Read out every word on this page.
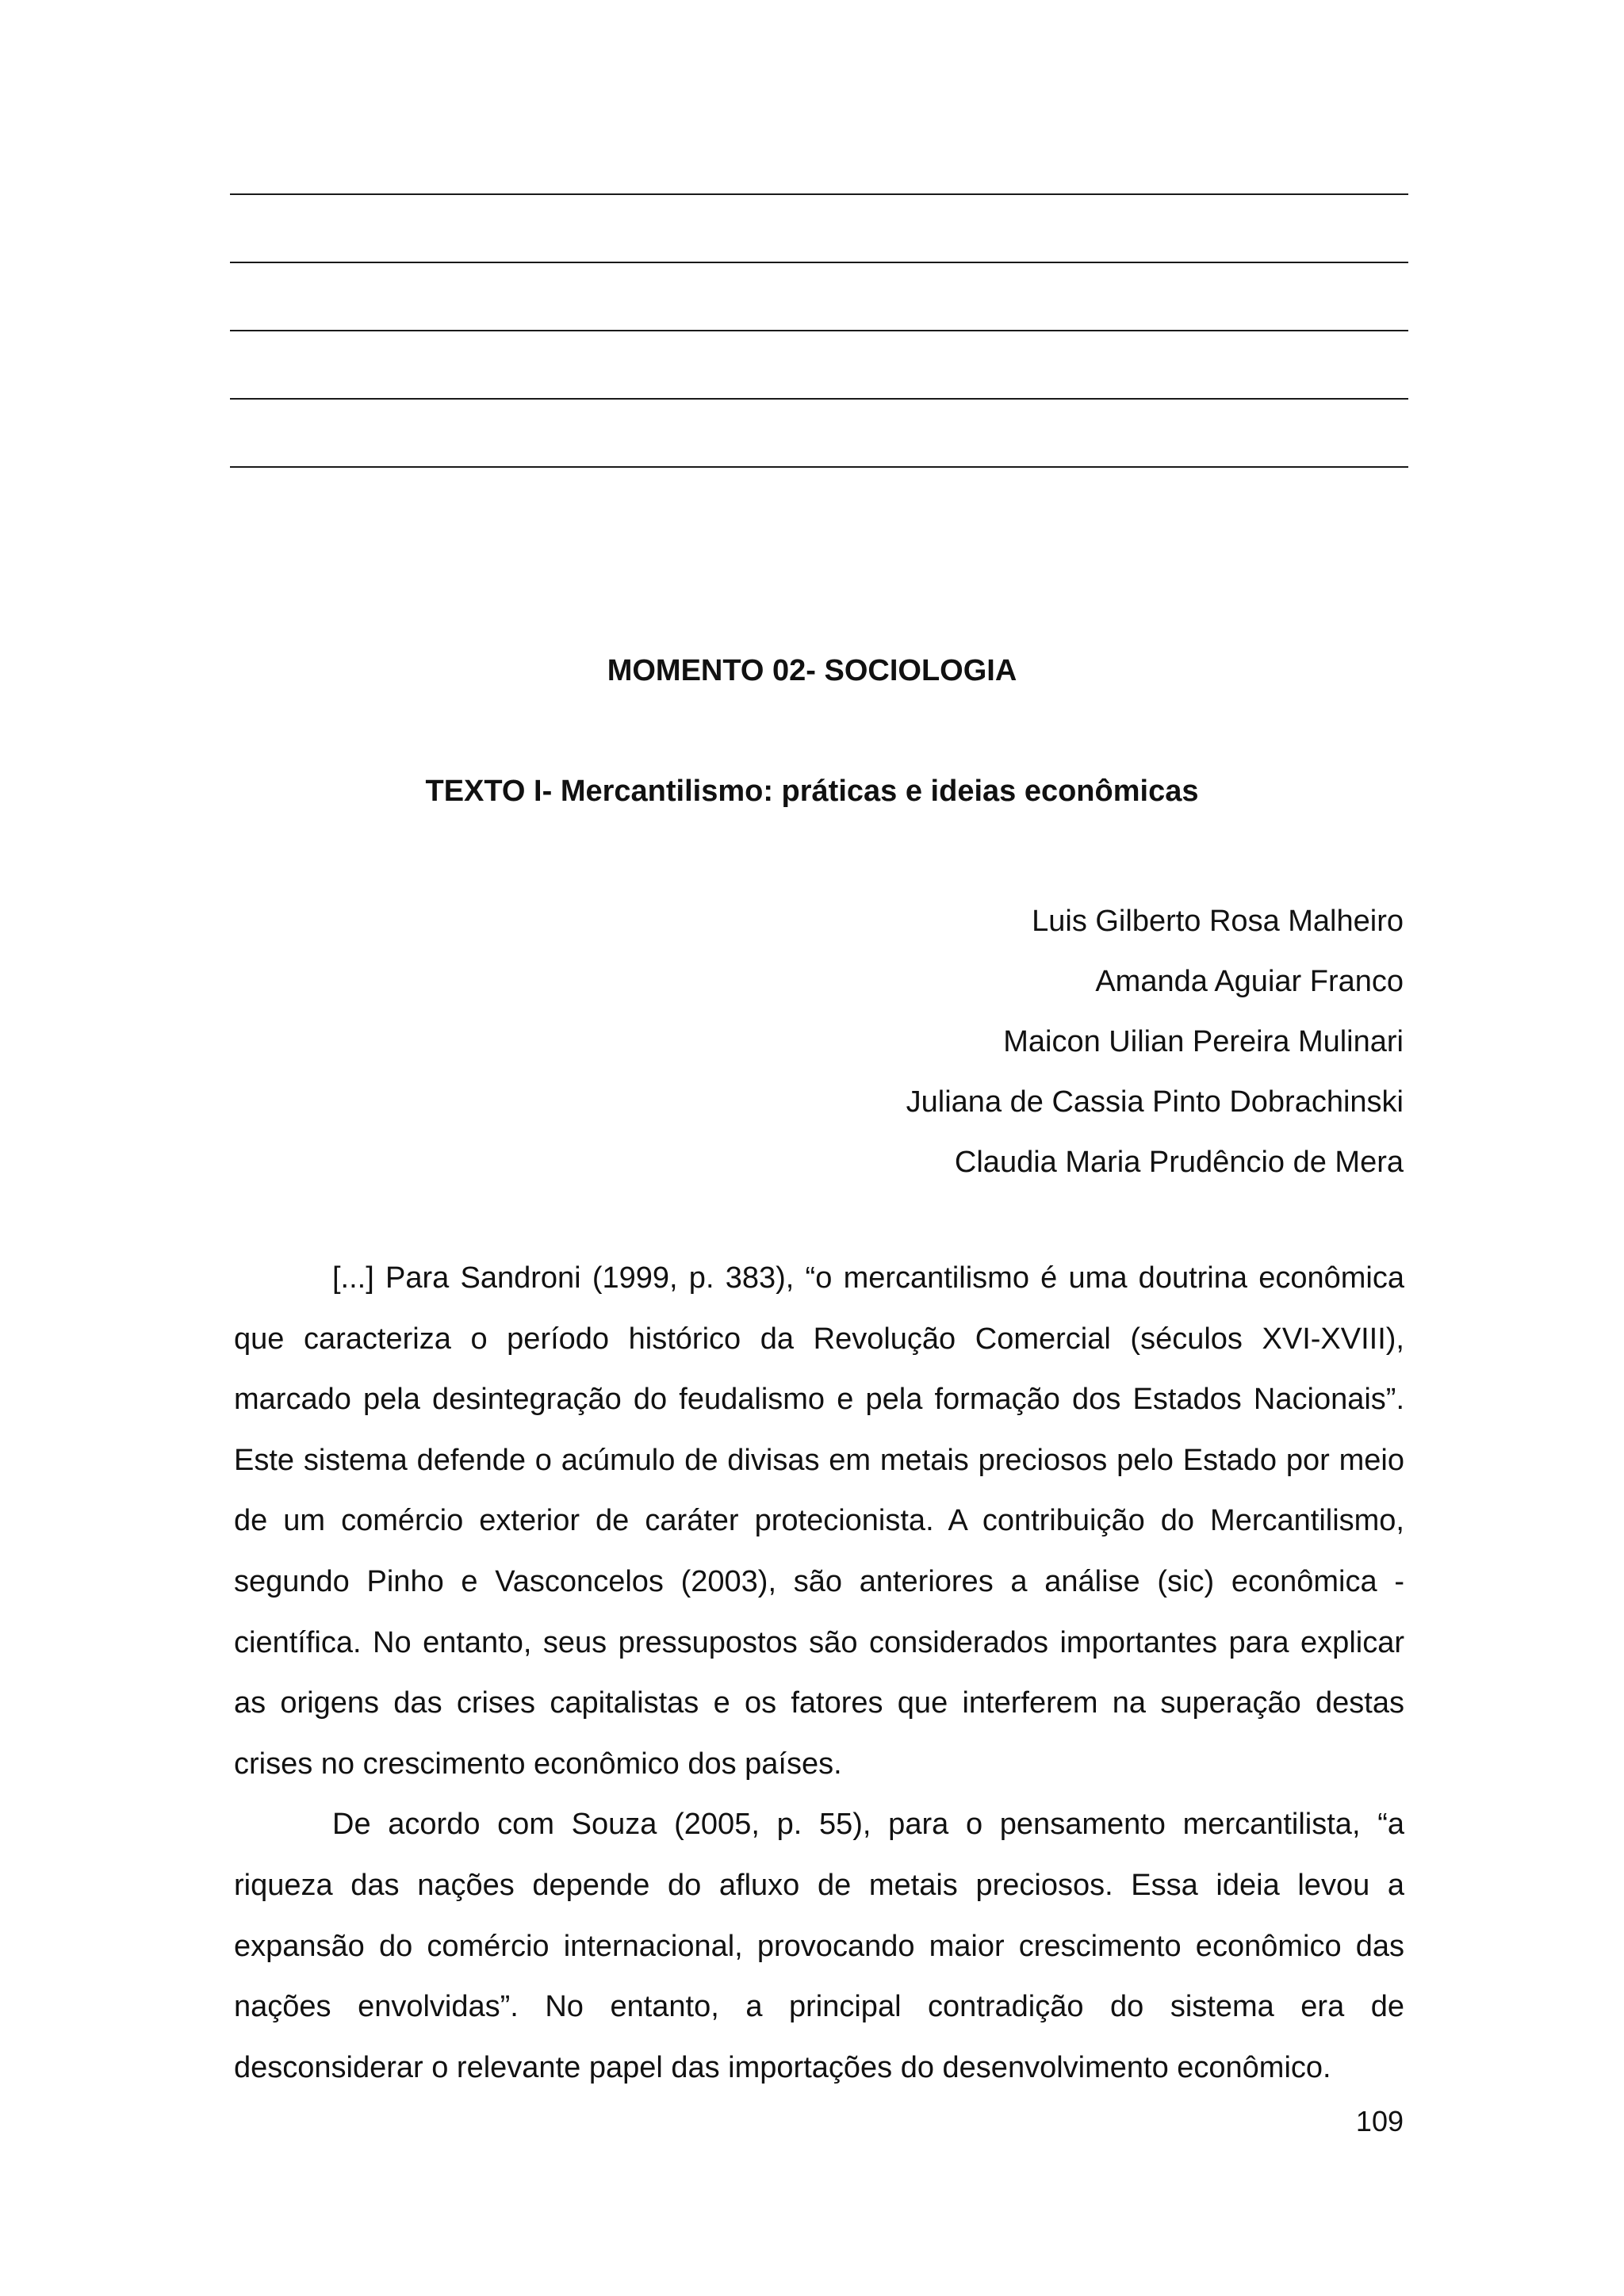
MOMENTO 02- SOCIOLOGIA
TEXTO I- Mercantilismo: práticas e ideias econômicas
Luis Gilberto Rosa Malheiro
Amanda Aguiar Franco
Maicon Uilian Pereira Mulinari
Juliana de Cassia Pinto Dobrachinski
Claudia Maria Prudêncio de Mera

[...] Para Sandroni (1999, p. 383), “o mercantilismo é uma doutrina econômica que caracteriza o período histórico da Revolução Comercial (séculos XVI-XVIII), marcado pela desintegração do feudalismo e pela formação dos Estados Nacionais”. Este sistema defende o acúmulo de divisas em metais preciosos pelo Estado por meio de um comércio exterior de caráter protecionista. A contribuição do Mercantilismo, segundo Pinho e Vasconcelos (2003), são anteriores a análise (sic) econômica - científica. No entanto, seus pressupostos são considerados importantes para explicar as origens das crises capitalistas e os fatores que interferem na superação destas crises no crescimento econômico dos países.

De acordo com Souza (2005, p. 55), para o pensamento mercantilista, “a riqueza das nações depende do afluxo de metais preciosos. Essa ideia levou a expansão do comércio internacional, provocando maior crescimento econômico das nações envolvidas”. No entanto, a principal contradição do sistema era de desconsiderar o relevante papel das importações do desenvolvimento econômico.

109
